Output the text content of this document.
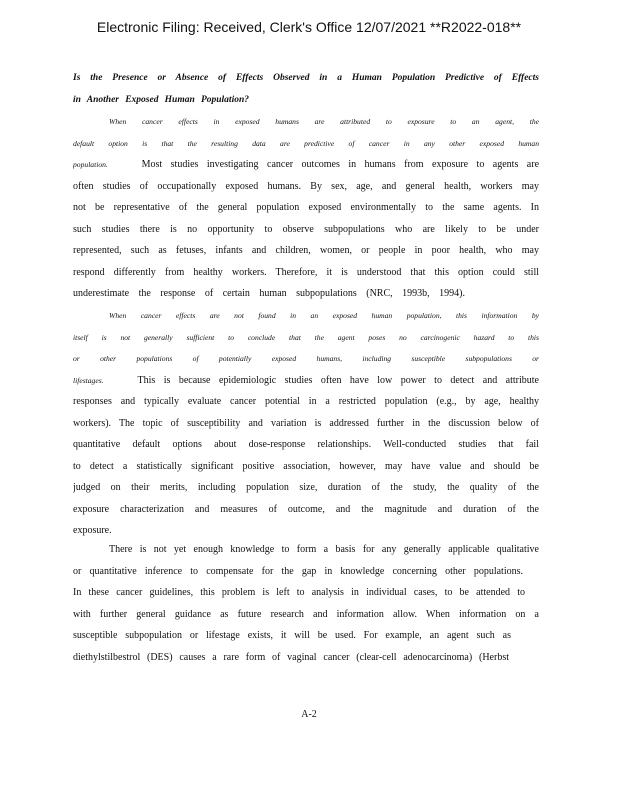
Electronic Filing: Received, Clerk's Office 12/07/2021 **R2022-018**
Is the Presence or Absence of Effects Observed in a Human Population Predictive of Effects
in Another Exposed Human Population?
When cancer effects in exposed humans are attributed to exposure to an agent, the
default option is that the resulting data are predictive of cancer in any other exposed human
population.	Most studies investigating cancer outcomes in humans from exposure to agents are
often studies of occupationally exposed humans. By sex, age, and general health, workers may
not be representative of the general population exposed environmentally to the same agents. In
such studies there is no opportunity to observe subpopulations who are likely to be under
represented, such as fetuses, infants and children, women, or people in poor health, who may
respond differently from healthy workers. Therefore, it is understood that this option could still
underestimate the response of certain human subpopulations (NRC, 1993b, 1994).
When cancer effects are not found in an exposed human population, this information by
itself is not generally sufficient to conclude that the agent poses no carcinogenic hazard to this
or other populations of potentially exposed humans, including susceptible subpopulations or
lifestages.	This is because epidemiologic studies often have low power to detect and attribute
responses and typically evaluate cancer potential in a restricted population (e.g., by age, healthy
workers). The topic of susceptibility and variation is addressed further in the discussion below of
quantitative default options about dose-response relationships. Well-conducted studies that fail
to detect a statistically significant positive association, however, may have value and should be
judged on their merits, including population size, duration of the study, the quality of the
exposure characterization and measures of outcome, and the magnitude and duration of the
exposure.
There is not yet enough knowledge to form a basis for any generally applicable qualitative
or quantitative inference to compensate for the gap in knowledge concerning other populations.
In these cancer guidelines, this problem is left to analysis in individual cases, to be attended to
with further general guidance as future research and information allow. When information on a
susceptible subpopulation or lifestage exists, it will be used. For example, an agent such as
diethylstilbestrol (DES) causes a rare form of vaginal cancer (clear-cell adenocarcinoma) (Herbst
A-2
